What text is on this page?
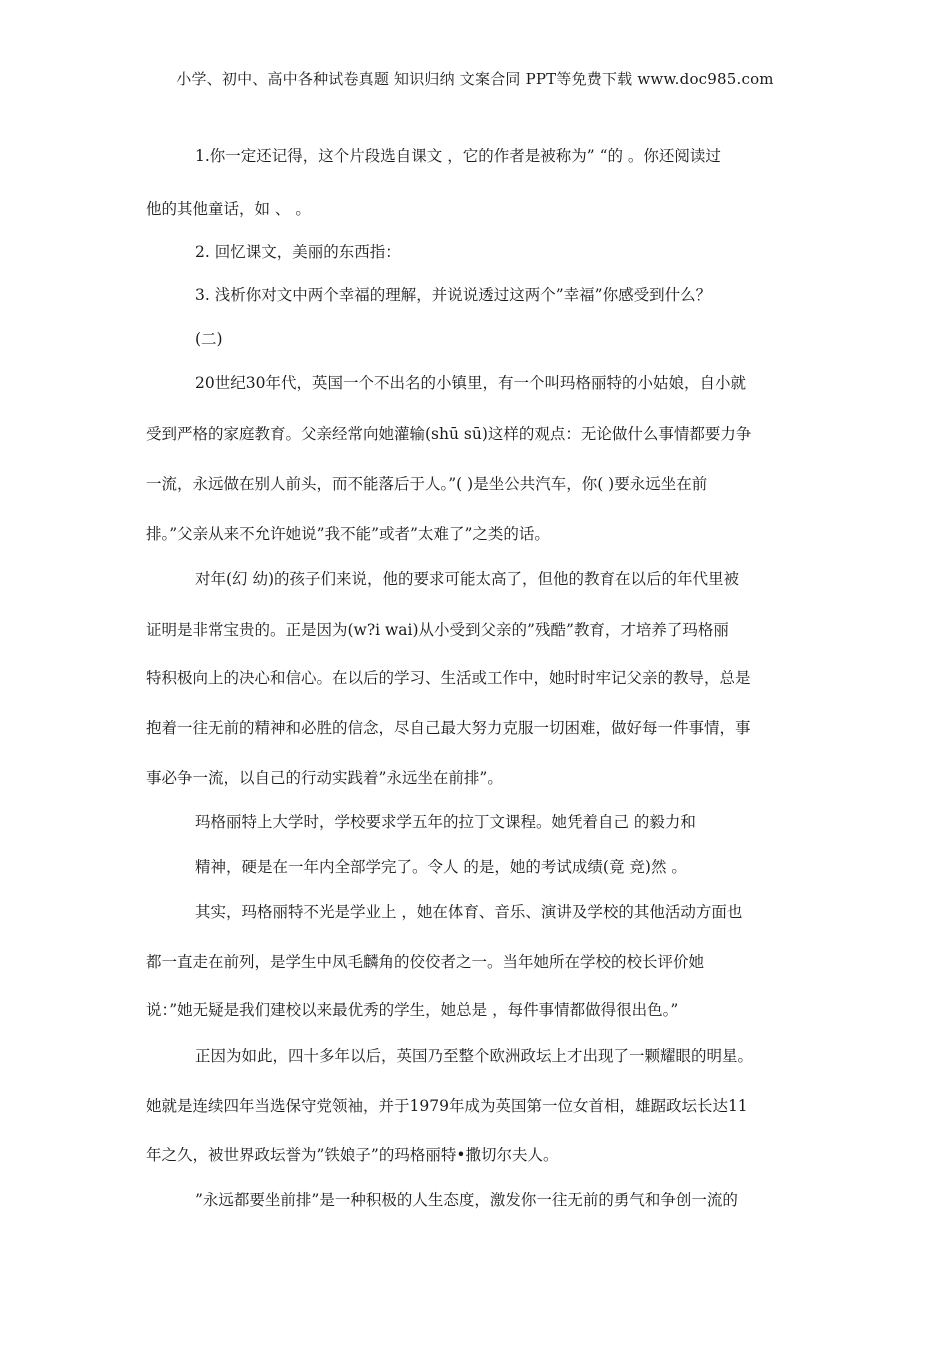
小学、初中、高中各种试卷真题 知识归纳 文案合同 PPT等免费下载 www.doc985.com
1.你一定还记得，这个片段选自课文 ，它的作者是被称为” “的 。你还阅读过
他的其他童话，如 、 。
2. 回忆课文，美丽的东西指：
3. 浅析你对文中两个幸福的理解，并说说透过这两个”幸福”你感受到什么？
(二)
20世纪30年代，英国一个不出名的小镇里，有一个叫玛格丽特的小姑娘，自小就
受到严格的家庭教育。父亲经常向她灌输(shū sū)这样的观点：无论做什么事情都要力争
一流，永远做在别人前头，而不能落后于人。”( )是坐公共汽车，你( )要永远坐在前
排。”父亲从来不允许她说”我不能”或者”太难了”之类的话。
对年(幻 幼)的孩子们来说，他的要求可能太高了，但他的教育在以后的年代里被
证明是非常宝贵的。正是因为(w?i wai)从小受到父亲的”残酷”教育，才培养了玛格丽
特积极向上的决心和信心。在以后的学习、生活或工作中，她时时牢记父亲的教导，总是
抱着一往无前的精神和必胜的信念，尽自己最大努力克服一切困难，做好每一件事情，事
事必争一流，以自己的行动实践着”永远坐在前排”。
玛格丽特上大学时，学校要求学五年的拉丁文课程。她凭着自己 的毅力和
精神，硬是在一年内全部学完了。令人 的是，她的考试成绩(竟 竞)然 。
其实，玛格丽特不光是学业上 ，她在体育、音乐、演讲及学校的其他活动方面也
都一直走在前列，是学生中凤毛麟角的佼佼者之一。当年她所在学校的校长评价她
说：”她无疑是我们建校以来最优秀的学生，她总是 ，每件事情都做得很出色。”
正因为如此，四十多年以后，英国乃至整个欧洲政坛上才出现了一颗耀眼的明星。
她就是连续四年当选保守党领袖，并于1979年成为英国第一位女首相，雄踞政坛长达11
年之久，被世界政坛誉为”铁娘子”的玛格丽特•撒切尔夫人。
”永远都要坐前排”是一种积极的人生态度，激发你一往无前的勇气和争创一流的
